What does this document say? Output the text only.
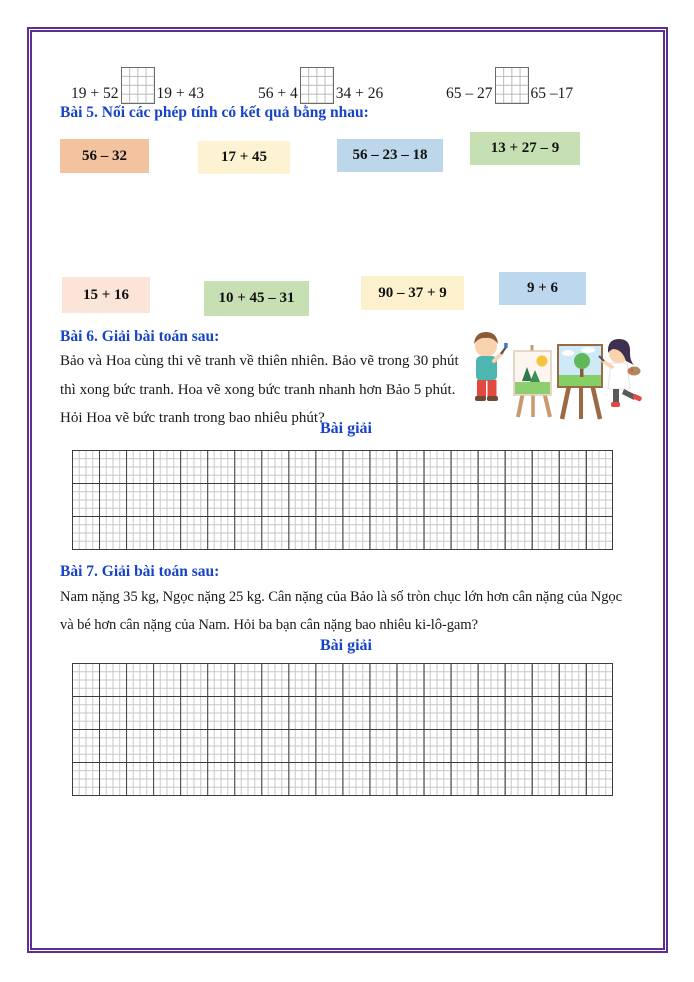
19 + 52 19 + 43	56 + 4 34 + 26	65 – 27 65 –17
Bài 5. Nối các phép tính có kết quả bằng nhau:
56 – 32	17 + 45	56 – 23 – 18	13 + 27 – 9
15 + 16	10 + 45 – 31	90 – 37 + 9	9 + 6
Bài 6. Giải bài toán sau:
Bảo và Hoa cùng thi vẽ tranh về thiên nhiên. Bảo vẽ trong 30 phút
thì xong bức tranh. Hoa vẽ xong bức tranh nhanh hơn Bảo 5 phút.
Hỏi Hoa vẽ bức tranh trong bao nhiêu phút?
Bài giải
Bài 7. Giải bài toán sau:
Nam nặng 35 kg, Ngọc nặng 25 kg. Cân nặng của Bảo là số tròn chục lớn hơn cân nặng của Ngọc
và bé hơn cân nặng của Nam. Hỏi ba bạn cân nặng bao nhiêu ki-lô-gam?
Bài giải
